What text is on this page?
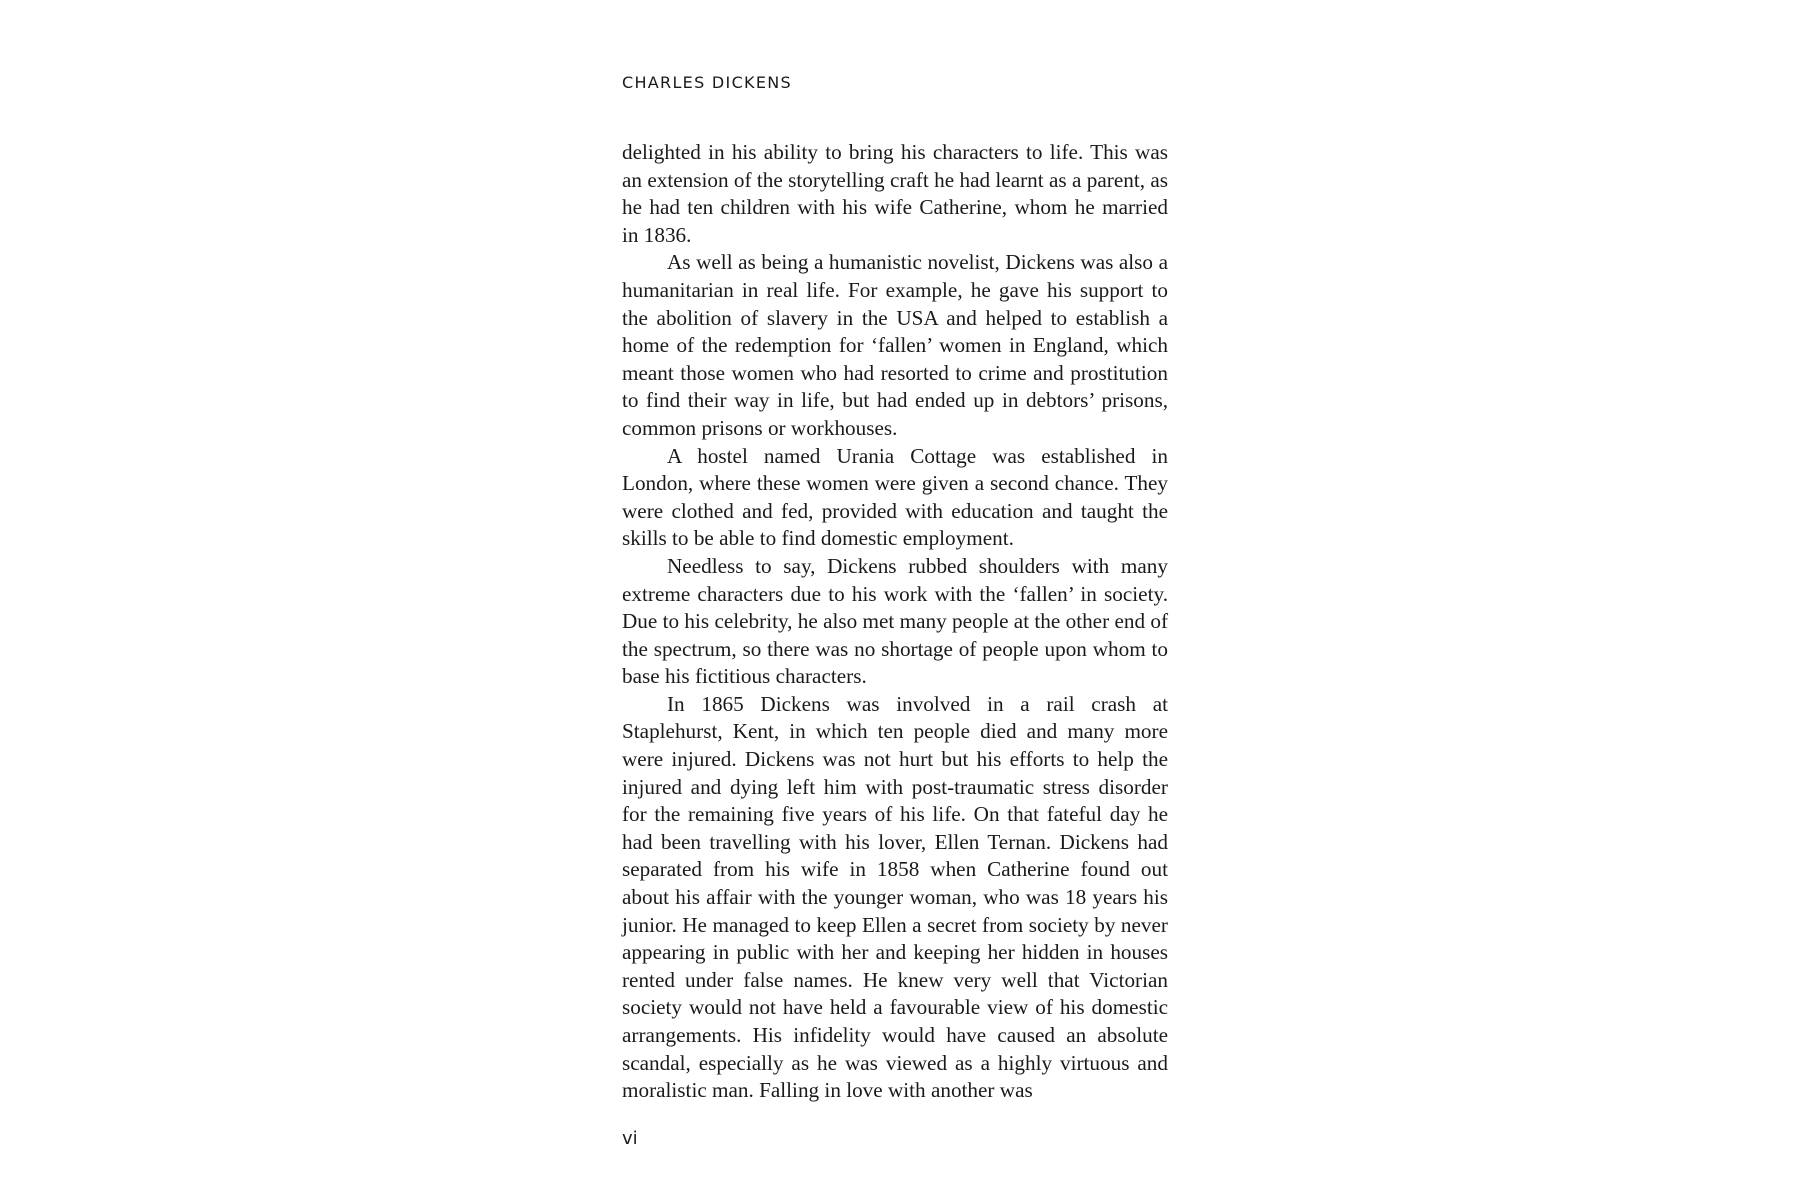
CHARLES DICKENS

delighted in his ability to bring his characters to life. This was an extension of the storytelling craft he had learnt as a parent, as he had ten children with his wife Catherine, whom he married in 1836.

As well as being a humanistic novelist, Dickens was also a humanitarian in real life. For example, he gave his support to the abolition of slavery in the USA and helped to establish a home of the redemption for ‘fallen’ women in England, which meant those women who had resorted to crime and prostitution to find their way in life, but had ended up in debtors’ prisons, common prisons or workhouses.

A hostel named Urania Cottage was established in London, where these women were given a second chance. They were clothed and fed, provided with education and taught the skills to be able to find domestic employment.

Needless to say, Dickens rubbed shoulders with many extreme characters due to his work with the ‘fallen’ in society. Due to his celebrity, he also met many people at the other end of the spectrum, so there was no shortage of people upon whom to base his fictitious characters.

In 1865 Dickens was involved in a rail crash at Staplehurst, Kent, in which ten people died and many more were injured. Dickens was not hurt but his efforts to help the injured and dying left him with post-traumatic stress disorder for the remaining five years of his life. On that fateful day he had been travelling with his lover, Ellen Ternan. Dickens had separated from his wife in 1858 when Catherine found out about his affair with the younger woman, who was 18 years his junior. He managed to keep Ellen a secret from society by never appearing in public with her and keeping her hidden in houses rented under false names. He knew very well that Victorian society would not have held a favourable view of his domestic arrangements. His infidelity would have caused an absolute scandal, especially as he was viewed as a highly virtuous and moralistic man. Falling in love with another was

vi
